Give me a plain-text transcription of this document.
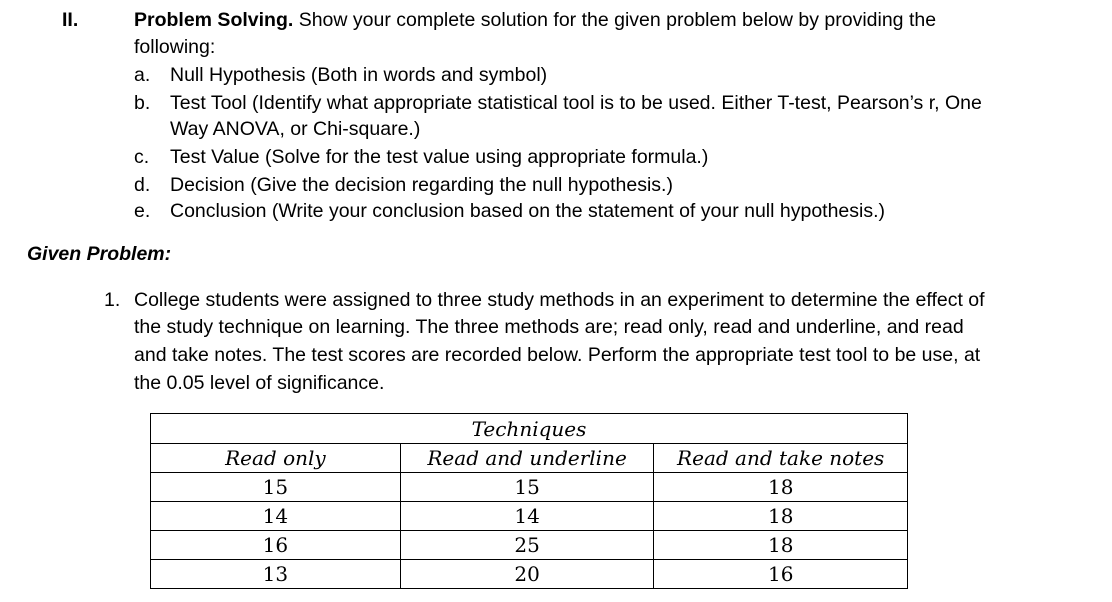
II.	Problem Solving. Show your complete solution for the given problem below by providing the
following:
a. Null Hypothesis (Both in words and symbol)
b. Test Tool (Identify what appropriate statistical tool is to be used. Either T-test, Pearson’s r, One
Way ANOVA, or Chi-square.)
c. Test Value (Solve for the test value using appropriate formula.)
d. Decision (Give the decision regarding the null hypothesis.)
e. Conclusion (Write your conclusion based on the statement of your null hypothesis.)
Given Problem:
1. College students were assigned to three study methods in an experiment to determine the effect of
the study technique on learning. The three methods are; read only, read and underline, and read
and take notes. The test scores are recorded below. Perform the appropriate test tool to be use, at
the 0.05 level of significance.
Techniques		
Read only	Read and underline	Read and take notes
15	15	18
14	14	18
16	25	18
13	20	16
